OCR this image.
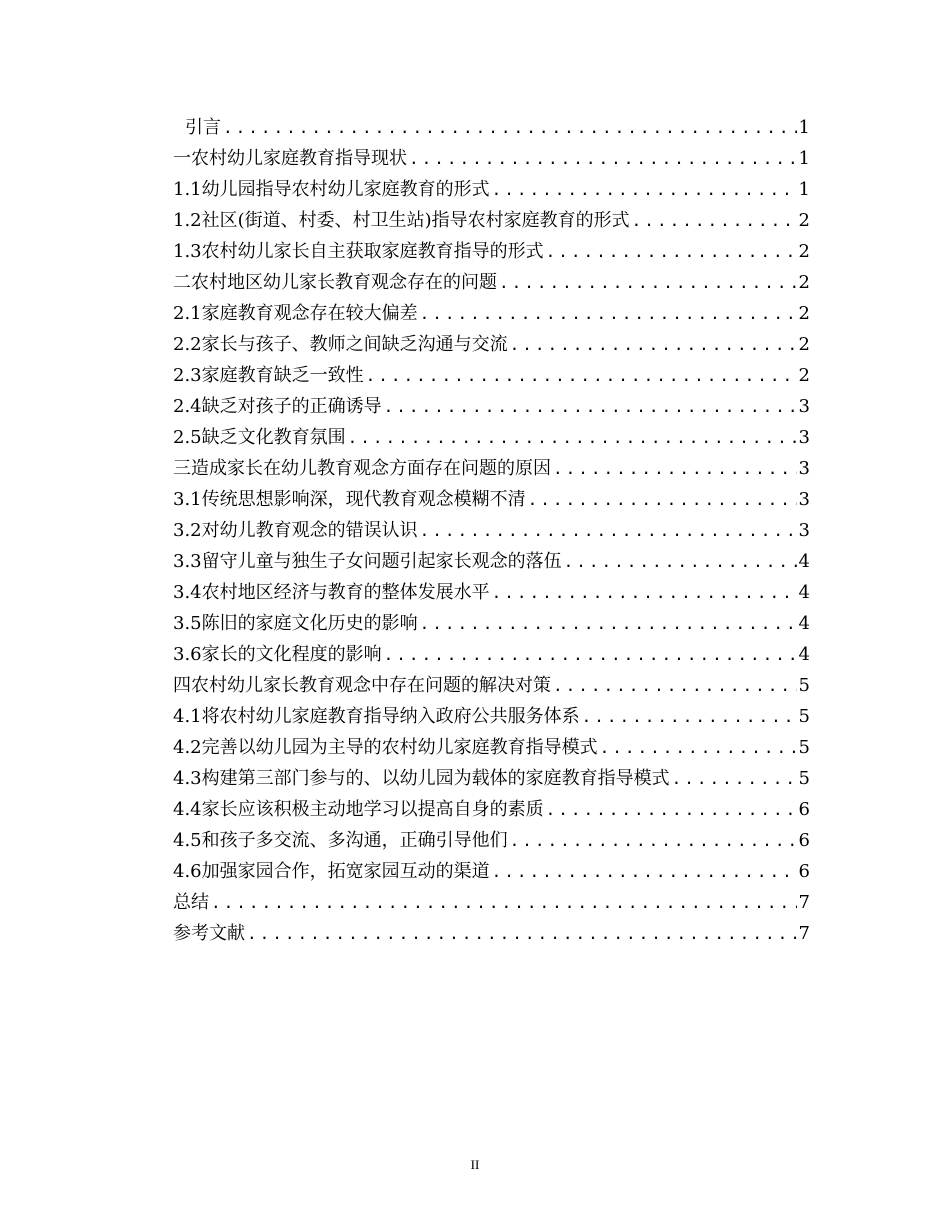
引言 .....	1
一农村幼儿家庭教育指导现状 .....	1
1.1幼儿园指导农村幼儿家庭教育的形式 .....	1
1.2社区(街道、村委、村卫生站)指导农村家庭教育的形式 .....	2
1.3农村幼儿家长自主获取家庭教育指导的形式 .....	2
二农村地区幼儿家长教育观念存在的问题 .....	2
2.1家庭教育观念存在较大偏差 .....	2
2.2家长与孩子、教师之间缺乏沟通与交流 .....	2
2.3家庭教育缺乏一致性 .....	2
2.4缺乏对孩子的正确诱导 .....	3
2.5缺乏文化教育氛围 .....	3
三造成家长在幼儿教育观念方面存在问题的原因 .....	3
3.1传统思想影响深，现代教育观念模糊不清 .....	3
3.2对幼儿教育观念的错误认识 .....	3
3.3留守儿童与独生子女问题引起家长观念的落伍 .....	4
3.4农村地区经济与教育的整体发展水平 .....	4
3.5陈旧的家庭文化历史的影响 .....	4
3.6家长的文化程度的影响 .....	4
四农村幼儿家长教育观念中存在问题的解决对策 .....	5
4.1将农村幼儿家庭教育指导纳入政府公共服务体系 .....	5
4.2完善以幼儿园为主导的农村幼儿家庭教育指导模式 .....	5
4.3构建第三部门参与的、以幼儿园为载体的家庭教育指导模式 .....	5
4.4家长应该积极主动地学习以提高自身的素质 .....	6
4.5和孩子多交流、多沟通，正确引导他们 .....	6
4.6加强家园合作，拓宽家园互动的渠道 .....	6
总结 .....	7
参考文献 .....	7
II
